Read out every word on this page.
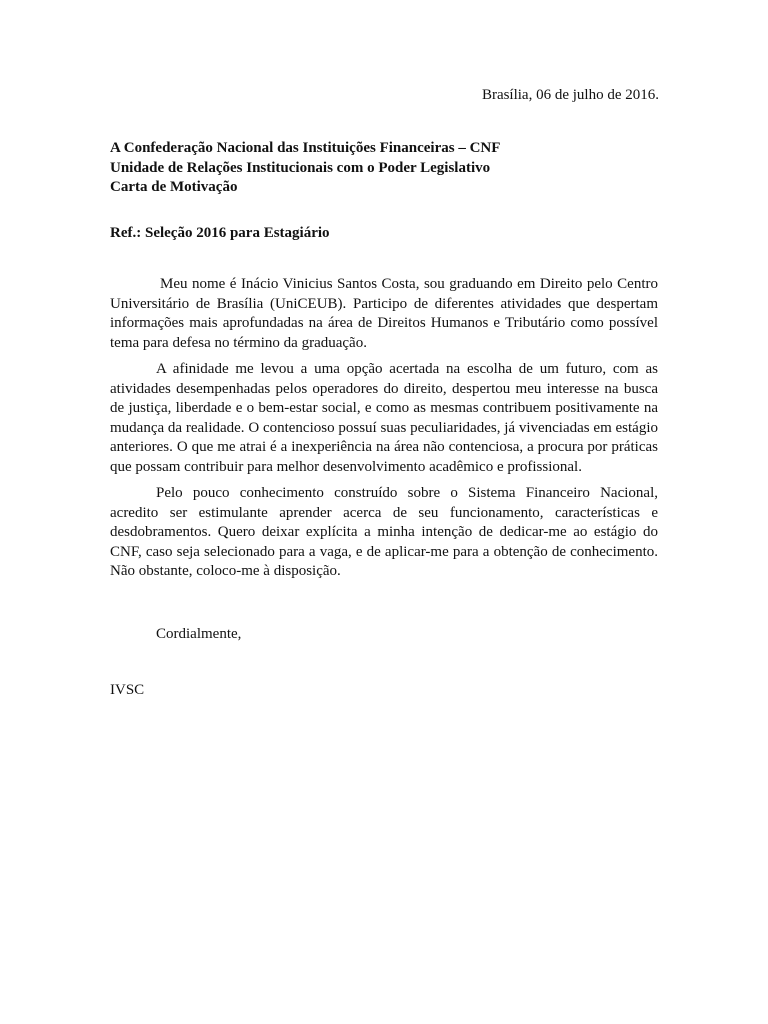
Brasília, 06 de julho de 2016.
A Confederação Nacional das Instituições Financeiras – CNF
Unidade de Relações Institucionais com o Poder Legislativo
Carta de Motivação
Ref.: Seleção 2016 para Estagiário

Meu nome é Inácio Vinicius Santos Costa, sou graduando em Direito pelo Centro Universitário de Brasília (UniCEUB). Participo de diferentes atividades que despertam informações mais aprofundadas na área de Direitos Humanos e Tributário como possível tema para defesa no término da graduação.

A afinidade me levou a uma opção acertada na escolha de um futuro, com as atividades desempenhadas pelos operadores do direito, despertou meu interesse na busca de justiça, liberdade e o bem-estar social, e como as mesmas contribuem positivamente na mudança da realidade. O contencioso possuí suas peculiaridades, já vivenciadas em estágio anteriores. O que me atrai é a inexperiência na área não contenciosa, a procura por práticas que possam contribuir para melhor desenvolvimento acadêmico e profissional.

Pelo pouco conhecimento construído sobre o Sistema Financeiro Nacional, acredito ser estimulante aprender acerca de seu funcionamento, características e desdobramentos. Quero deixar explícita a minha intenção de dedicar-me ao estágio do CNF, caso seja selecionado para a vaga, e de aplicar-me para a obtenção de conhecimento. Não obstante, coloco-me à disposição.

Cordialmente,
IVSC
